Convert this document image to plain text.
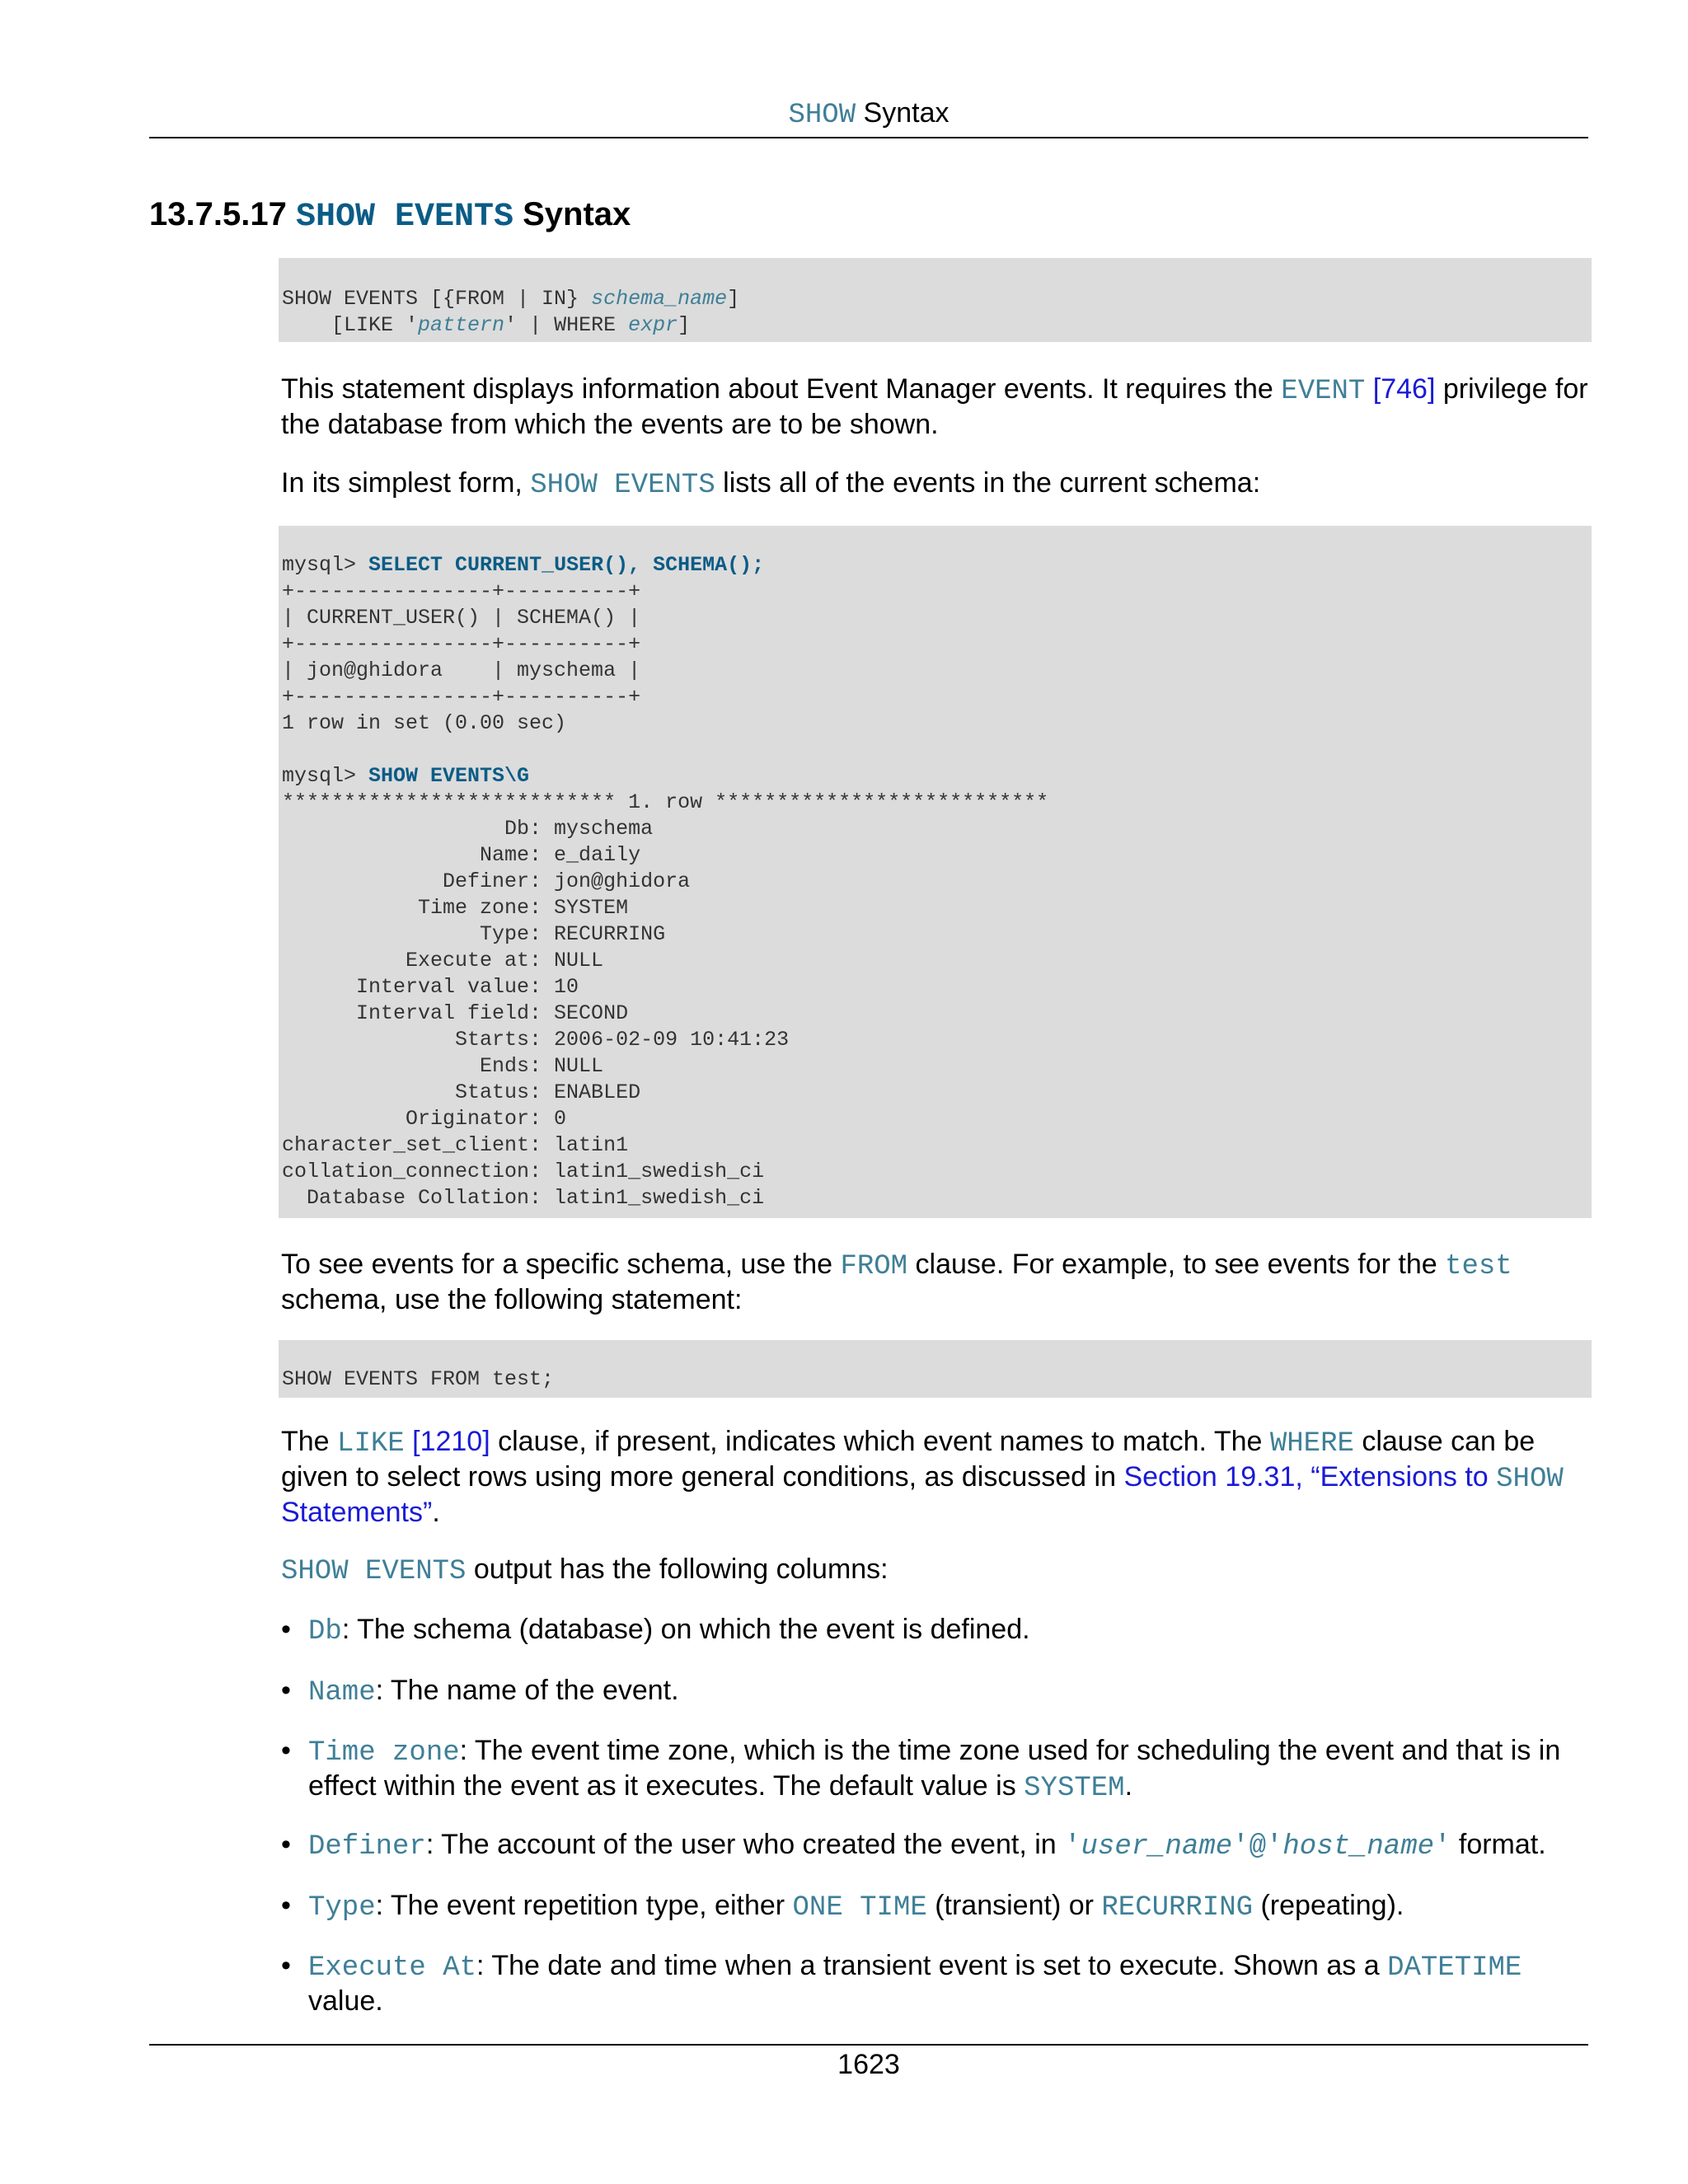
SHOW Syntax
13.7.5.17 SHOW EVENTS Syntax
SHOW EVENTS [{FROM | IN} schema_name]
[LIKE 'pattern' | WHERE expr]
This statement displays information about Event Manager events. It requires the EVENT [746] privilege for the database from which the events are to be shown.
In its simplest form, SHOW EVENTS lists all of the events in the current schema:
mysql> SELECT CURRENT_USER(), SCHEMA();
+----------------+----------+
| CURRENT_USER() | SCHEMA() |
+----------------+----------+
| jon@ghidora    | myschema |
+----------------+----------+
1 row in set (0.00 sec)

mysql> SHOW EVENTS\G
*************************** 1. row ***************************
Db: myschema
Name: e_daily
Definer: jon@ghidora
Time zone: SYSTEM
Type: RECURRING
Execute at: NULL
Interval value: 10
Interval field: SECOND
Starts: 2006-02-09 10:41:23
Ends: NULL
Status: ENABLED
Originator: 0
character_set_client: latin1
collation_connection: latin1_swedish_ci
Database Collation: latin1_swedish_ci
To see events for a specific schema, use the FROM clause. For example, to see events for the test schema, use the following statement:
SHOW EVENTS FROM test;
The LIKE [1210] clause, if present, indicates which event names to match. The WHERE clause can be given to select rows using more general conditions, as discussed in Section 19.31, “Extensions to SHOW Statements”.
SHOW EVENTS output has the following columns:
• Db: The schema (database) on which the event is defined.
• Name: The name of the event.
• Time zone: The event time zone, which is the time zone used for scheduling the event and that is in effect within the event as it executes. The default value is SYSTEM.
• Definer: The account of the user who created the event, in 'user_name'@'host_name' format.
• Type: The event repetition type, either ONE TIME (transient) or RECURRING (repeating).
• Execute At: The date and time when a transient event is set to execute. Shown as a DATETIME value.
1623
